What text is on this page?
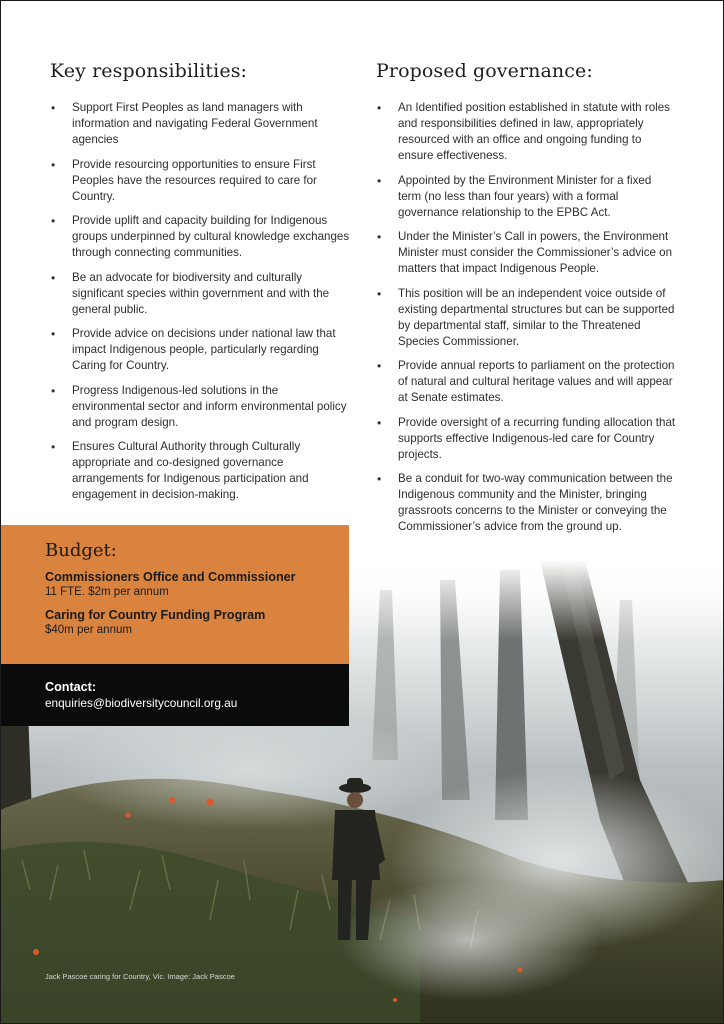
Key responsibilities:
• Support First Peoples as land managers with information and navigating Federal Government agencies
• Provide resourcing opportunities to ensure First Peoples have the resources required to care for Country.
• Provide uplift and capacity building for Indigenous groups underpinned by cultural knowledge exchanges through connecting communities.
• Be an advocate for biodiversity and culturally significant species within government and with the general public.
• Provide advice on decisions under national law that impact Indigenous people, particularly regarding Caring for Country.
• Progress Indigenous-led solutions in the environmental sector and inform environmental policy and program design.
• Ensures Cultural Authority through Culturally appropriate and co-designed governance arrangements for Indigenous participation and engagement in decision-making.
Proposed governance:
• An Identified position established in statute with roles and responsibilities defined in law, appropriately resourced with an office and ongoing funding to ensure effectiveness.
• Appointed by the Environment Minister for a fixed term (no less than four years) with a formal governance relationship to the EPBC Act.
• Under the Minister’s Call in powers, the Environment Minister must consider the Commissioner’s advice on matters that impact Indigenous People.
• This position will be an independent voice outside of existing departmental structures but can be supported by departmental staff, similar to the Threatened Species Commissioner.
• Provide annual reports to parliament on the protection of natural and cultural heritage values and will appear at Senate estimates.
• Provide oversight of a recurring funding allocation that supports effective Indigenous-led care for Country projects.
• Be a conduit for two-way communication between the Indigenous community and the Minister, bringing grassroots concerns to the Minister or conveying the Commissioner’s advice from the ground up.
Budget:
Commissioners Office and Commissioner
11 FTE. $2m per annum
Caring for Country Funding Program
$40m per annum
Contact:
enquiries@biodiversitycouncil.org.au
Jack Pascoe caring for Country, Vic. Image: Jack Pascoe
